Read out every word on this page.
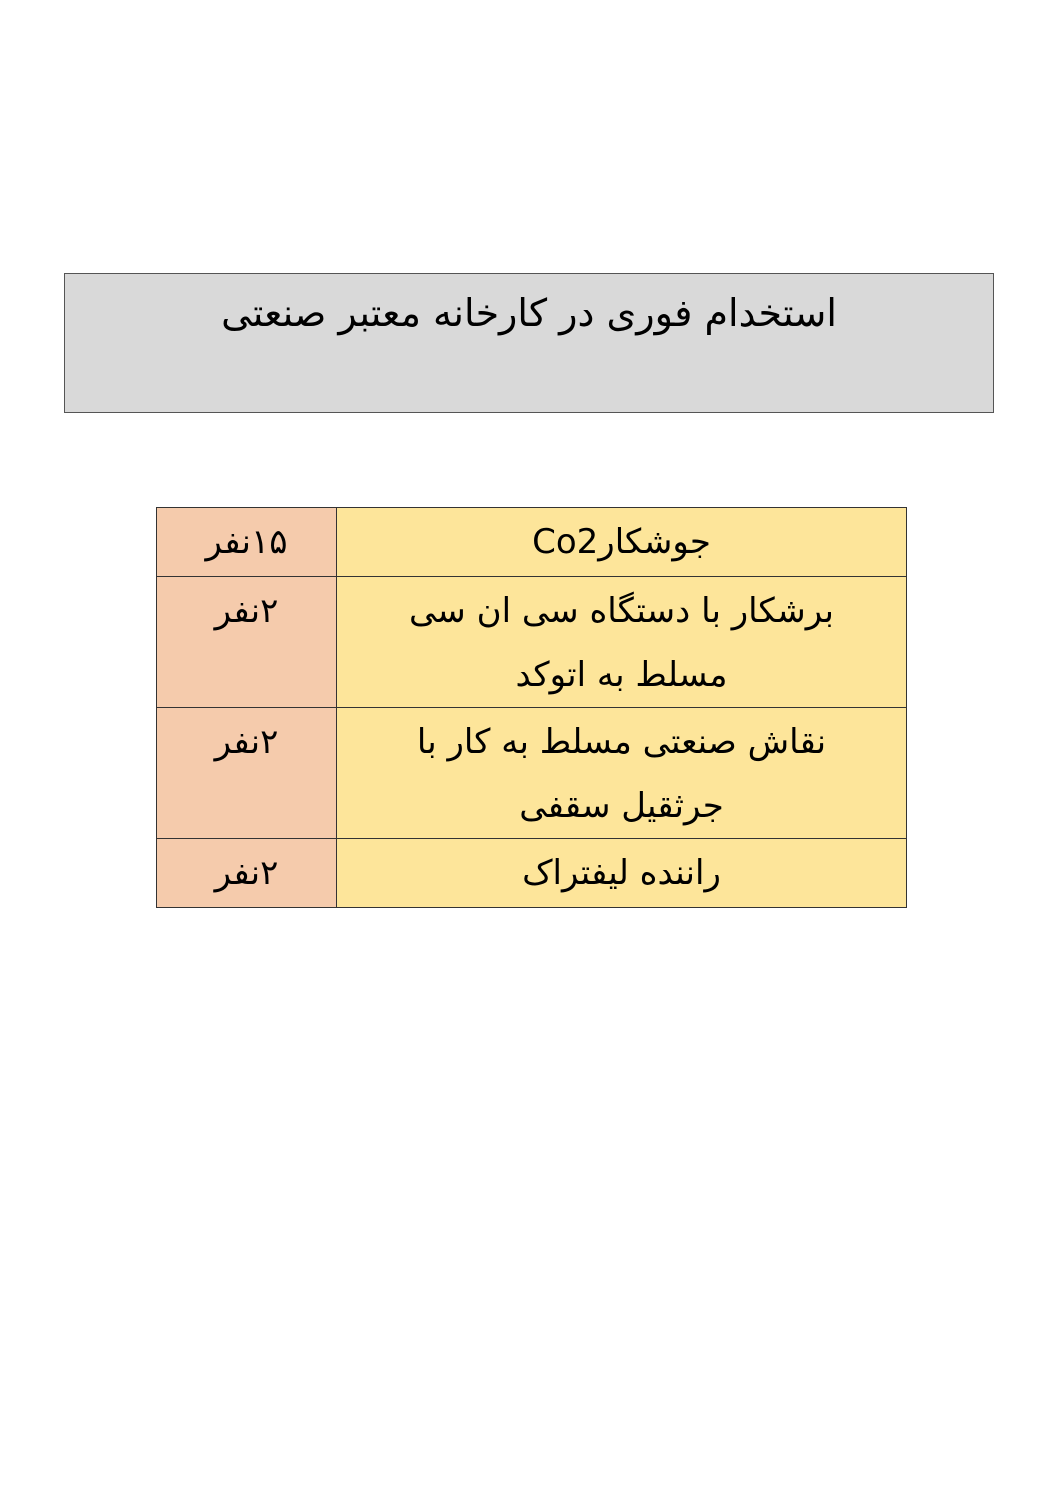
استخدام فوری در کارخانه معتبر صنعتی
جوشکارCo2	۱۵نفر

برشکار با دستگاه سی ان سی مسلط به اتوکد	۲نفر

نقاش صنعتی مسلط به کار با جرثقیل سقفی	۲نفر

راننده لیفتراک	۲نفر
